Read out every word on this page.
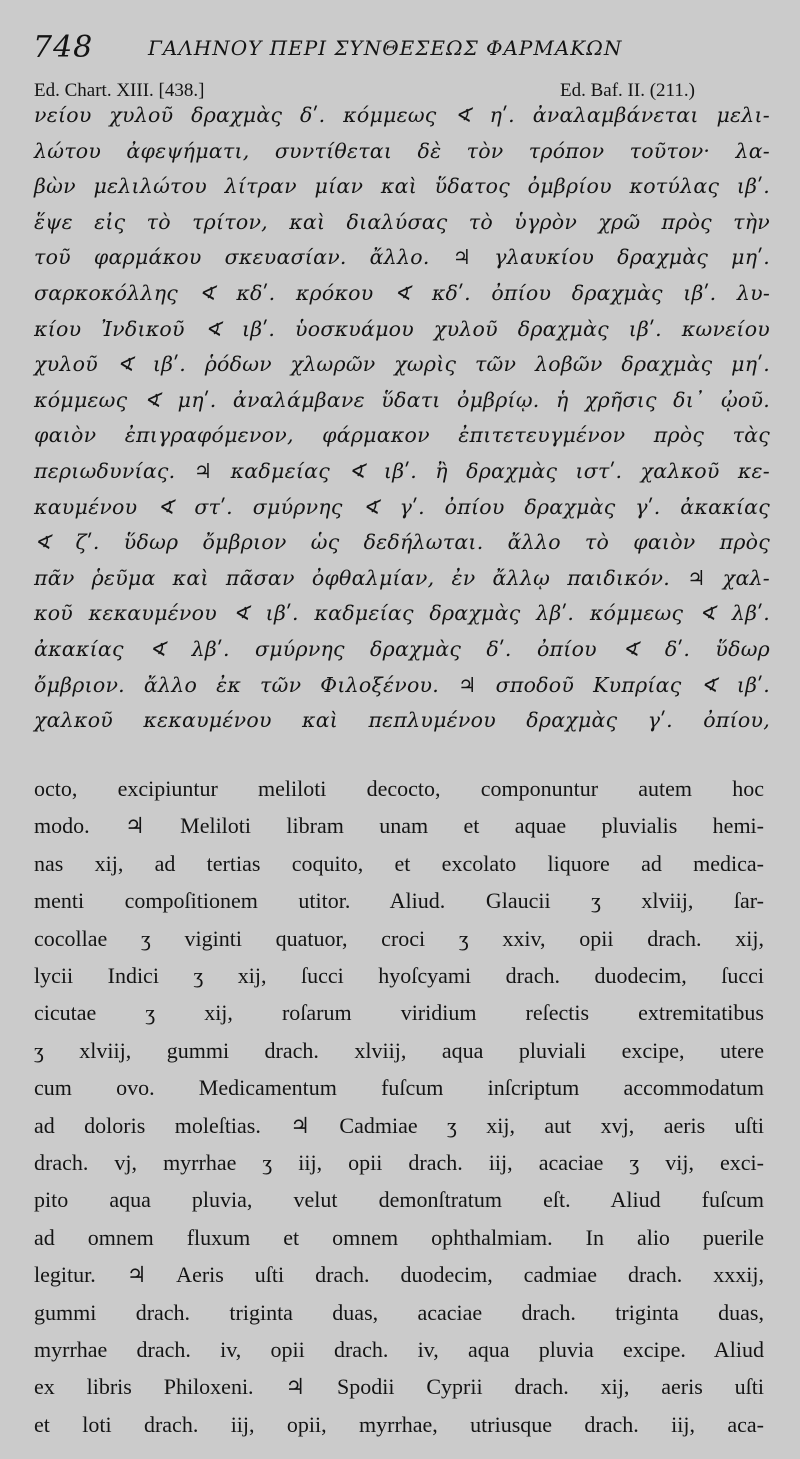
748	ΓΑΛΗΝΟΥ ΠΕΡΙ ΣΥΝΘΕΣΕΩΣ ΦΑΡΜΑΚΩΝ
Ed. Chart. XIII. [438.]	Ed. Baf. II. (211.)
νείου χυλοῦ δραχμὰς δʹ. κόμμεως ∢ ηʹ. ἀναλαμβάνεται μελι-
λώτου ἀφεψήματι, συντίθεται δὲ τὸν τρόπον τοῦτον· λα-
βὼν μελιλώτου λίτραν μίαν καὶ ὕδατος ὀμβρίου κοτύλας ιβʹ.
ἕψε εἰς τὸ τρίτον, καὶ διαλύσας τὸ ὑγρὸν χρῶ πρὸς τὴν
τοῦ φαρμάκου σκευασίαν. ἄλλο. ♃ γλαυκίου δραχμὰς μηʹ.
σαρκοκόλλης ∢ κδʹ. κρόκου ∢ κδʹ. ὀπίου δραχμὰς ιβʹ. λυ-
κίου Ἰνδικοῦ ∢ ιβʹ. ὑοσκυάμου χυλοῦ δραχμὰς ιβʹ. κωνείου
χυλοῦ ∢ ιβʹ. ῥόδων χλωρῶν χωρὶς τῶν λοβῶν δραχμὰς μηʹ.
κόμμεως ∢ μηʹ. ἀναλάμβανε ὕδατι ὀμβρίῳ. ἡ χρῆσις δι᾽ ᾠοῦ.
φαιὸν ἐπιγραφόμενον, φάρμακον ἐπιτετευγμένον πρὸς τὰς
περιωδυνίας. ♃ καδμείας ∢ ιβʹ. ἢ δραχμὰς ιστʹ. χαλκοῦ κε-
καυμένου ∢ στʹ. σμύρνης ∢ γʹ. ὀπίου δραχμὰς γʹ. ἀκακίας
∢ ζʹ. ὕδωρ ὄμβριον ὡς δεδήλωται. ἄλλο τὸ φαιὸν πρὸς
πᾶν ῥεῦμα καὶ πᾶσαν ὀφθαλμίαν, ἐν ἄλλῳ παιδικόν. ♃ χαλ-
κοῦ κεκαυμένου ∢ ιβʹ. καδμείας δραχμὰς λβʹ. κόμμεως ∢ λβʹ.
ἀκακίας ∢ λβʹ. σμύρνης δραχμὰς δʹ. ὀπίου ∢ δʹ. ὕδωρ
ὄμβριον. ἄλλο ἐκ τῶν Φιλοξένου. ♃ σποδοῦ Κυπρίας ∢ ιβʹ.
χαλκοῦ κεκαυμένου καὶ πεπλυμένου δραχμὰς γʹ. ὀπίου,
octo, excipiuntur meliloti decocto, componuntur autem hoc
modo. ♃ Meliloti libram unam et aquae pluvialis hemi-
nas xij, ad tertias coquito, et excolato liquore ad medica-
menti compoſitionem utitor. Aliud. Glaucii ʒ xlviij, ſar-
cocollae ʒ viginti quatuor, croci ʒ xxiv, opii drach. xij,
lycii Indici ʒ xij, ſucci hyoſcyami drach. duodecim, ſucci
cicutae ʒ xij, roſarum viridium reſectis extremitatibus
ʒ xlviij, gummi drach. xlviij, aqua pluviali excipe, utere
cum ovo. Medicamentum fuſcum inſcriptum accommodatum
ad doloris moleſtias. ♃ Cadmiae ʒ xij, aut xvj, aeris uſti
drach. vj, myrrhae ʒ iij, opii drach. iij, acaciae ʒ vij, exci-
pito aqua pluvia, velut demonſtratum eſt. Aliud fuſcum
ad omnem fluxum et omnem ophthalmiam. In alio puerile
legitur. ♃ Aeris uſti drach. duodecim, cadmiae drach. xxxij,
gummi drach. triginta duas, acaciae drach. triginta duas,
myrrhae drach. iv, opii drach. iv, aqua pluvia excipe. Aliud
ex libris Philoxeni. ♃ Spodii Cyprii drach. xij, aeris uſti
et loti drach. iij, opii, myrrhae, utriusque drach. iij, aca-
